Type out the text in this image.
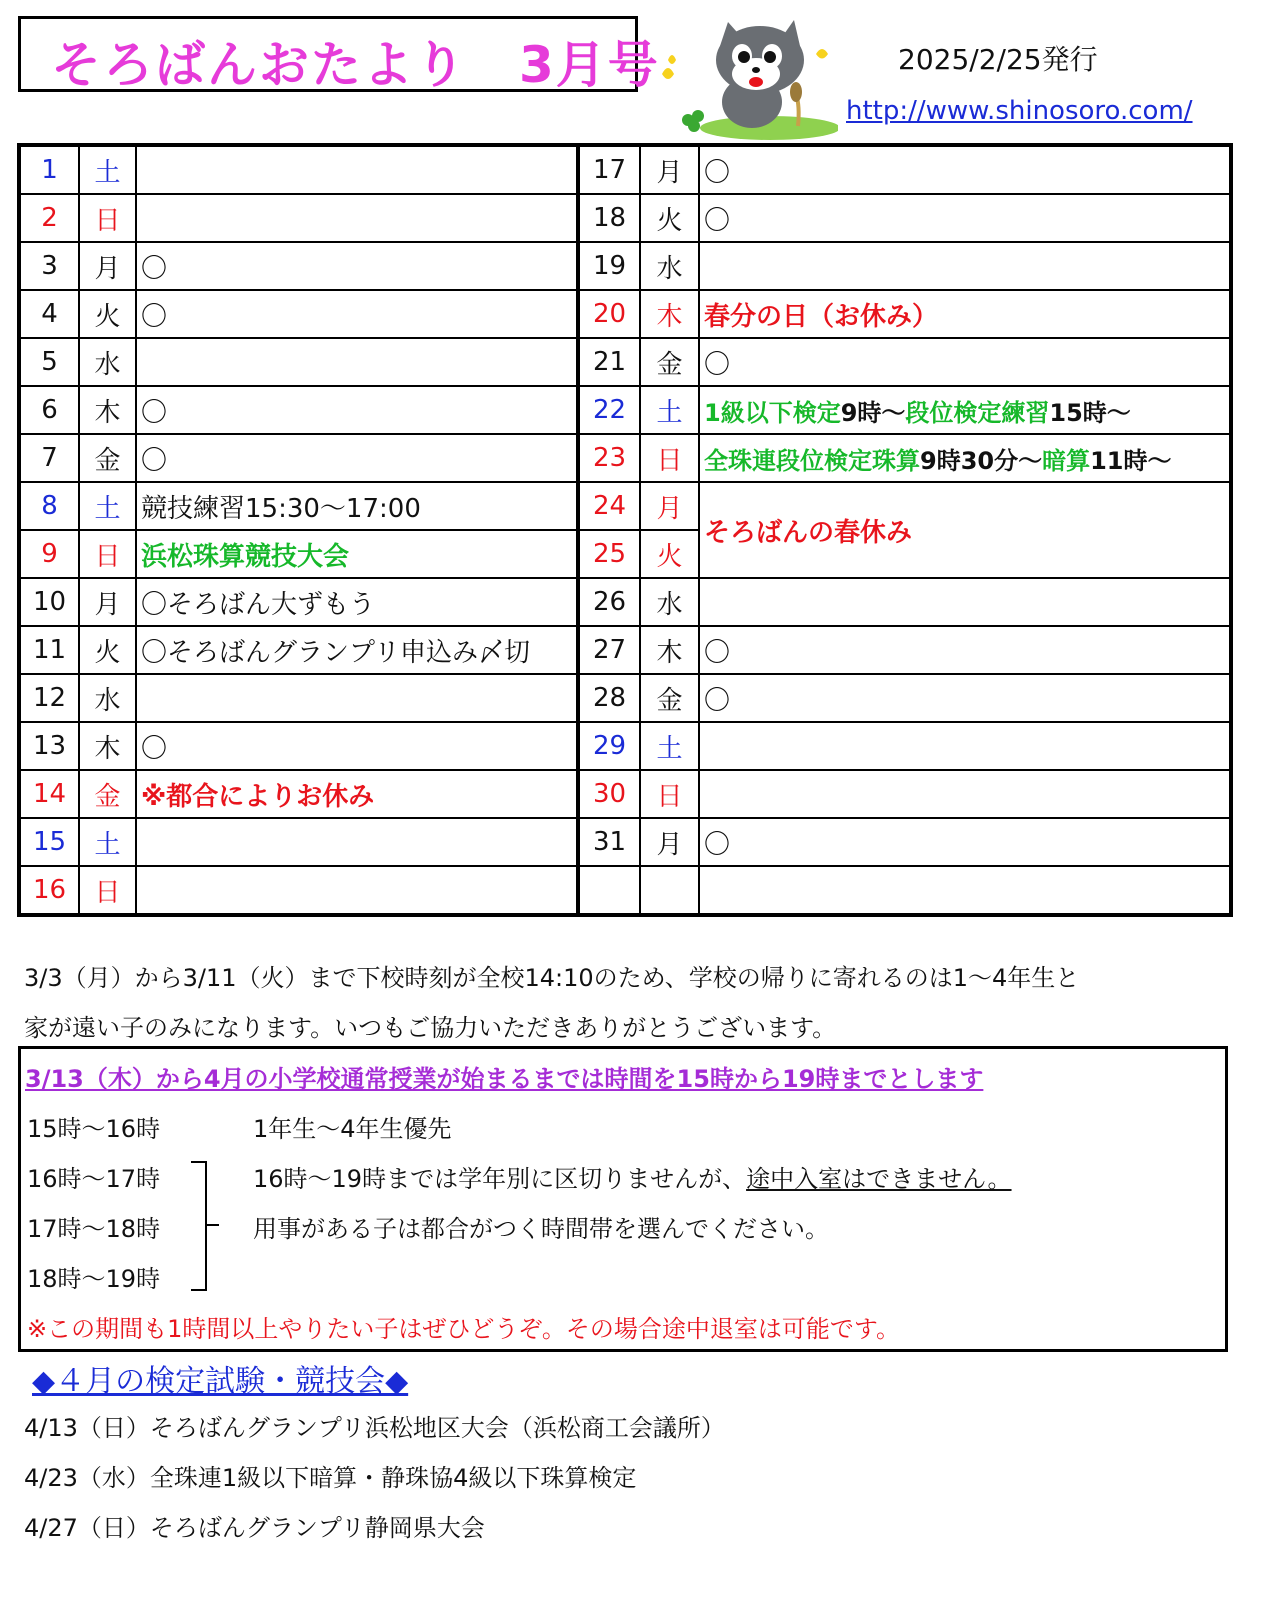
そろばんおたより　3月号	2025/2/25発行
http://www.shinosoro.com/
1	土		17	月	〇
2	日		18	火	〇
3	月	〇	19	水	
4	火	〇	20	木	春分の日（お休み）
5	水		21	金	〇
6	木	〇	22	土	1級以下検定9時～段位検定練習15時～
7	金	〇	23	日	全珠連段位検定珠算9時30分～暗算11時～
8	土	競技練習15:30～17:00	24	月	そろばんの春休み
9	日	浜松珠算競技大会	25	火	
10	月	〇そろばん大ずもう	26	水	
11	火	〇そろばんグランプリ申込み〆切	27	木	〇
12	水		28	金	〇
13	木	〇	29	土	
14	金	※都合によりお休み	30	日	
15	土		31	月	〇
16	日				
3/3（月）から3/11（火）まで下校時刻が全校14:10のため、学校の帰りに寄れるのは1～4年生と
家が遠い子のみになります。いつもご協力いただきありがとうございます。
3/13（木）から4月の小学校通常授業が始まるまでは時間を15時から19時までとします
15時～16時	1年生～4年生優先
16時～17時
17時～18時
18時～19時
16時～19時までは学年別に区切りませんが、途中入室はできません。
用事がある子は都合がつく時間帯を選んでください。
※この期間も1時間以上やりたい子はぜひどうぞ。その場合途中退室は可能です。
◆４月の検定試験・競技会◆
4/13（日）そろばんグランプリ浜松地区大会（浜松商工会議所）
4/23（水）全珠連1級以下暗算・静珠協4級以下珠算検定
4/27（日）そろばんグランプリ静岡県大会
